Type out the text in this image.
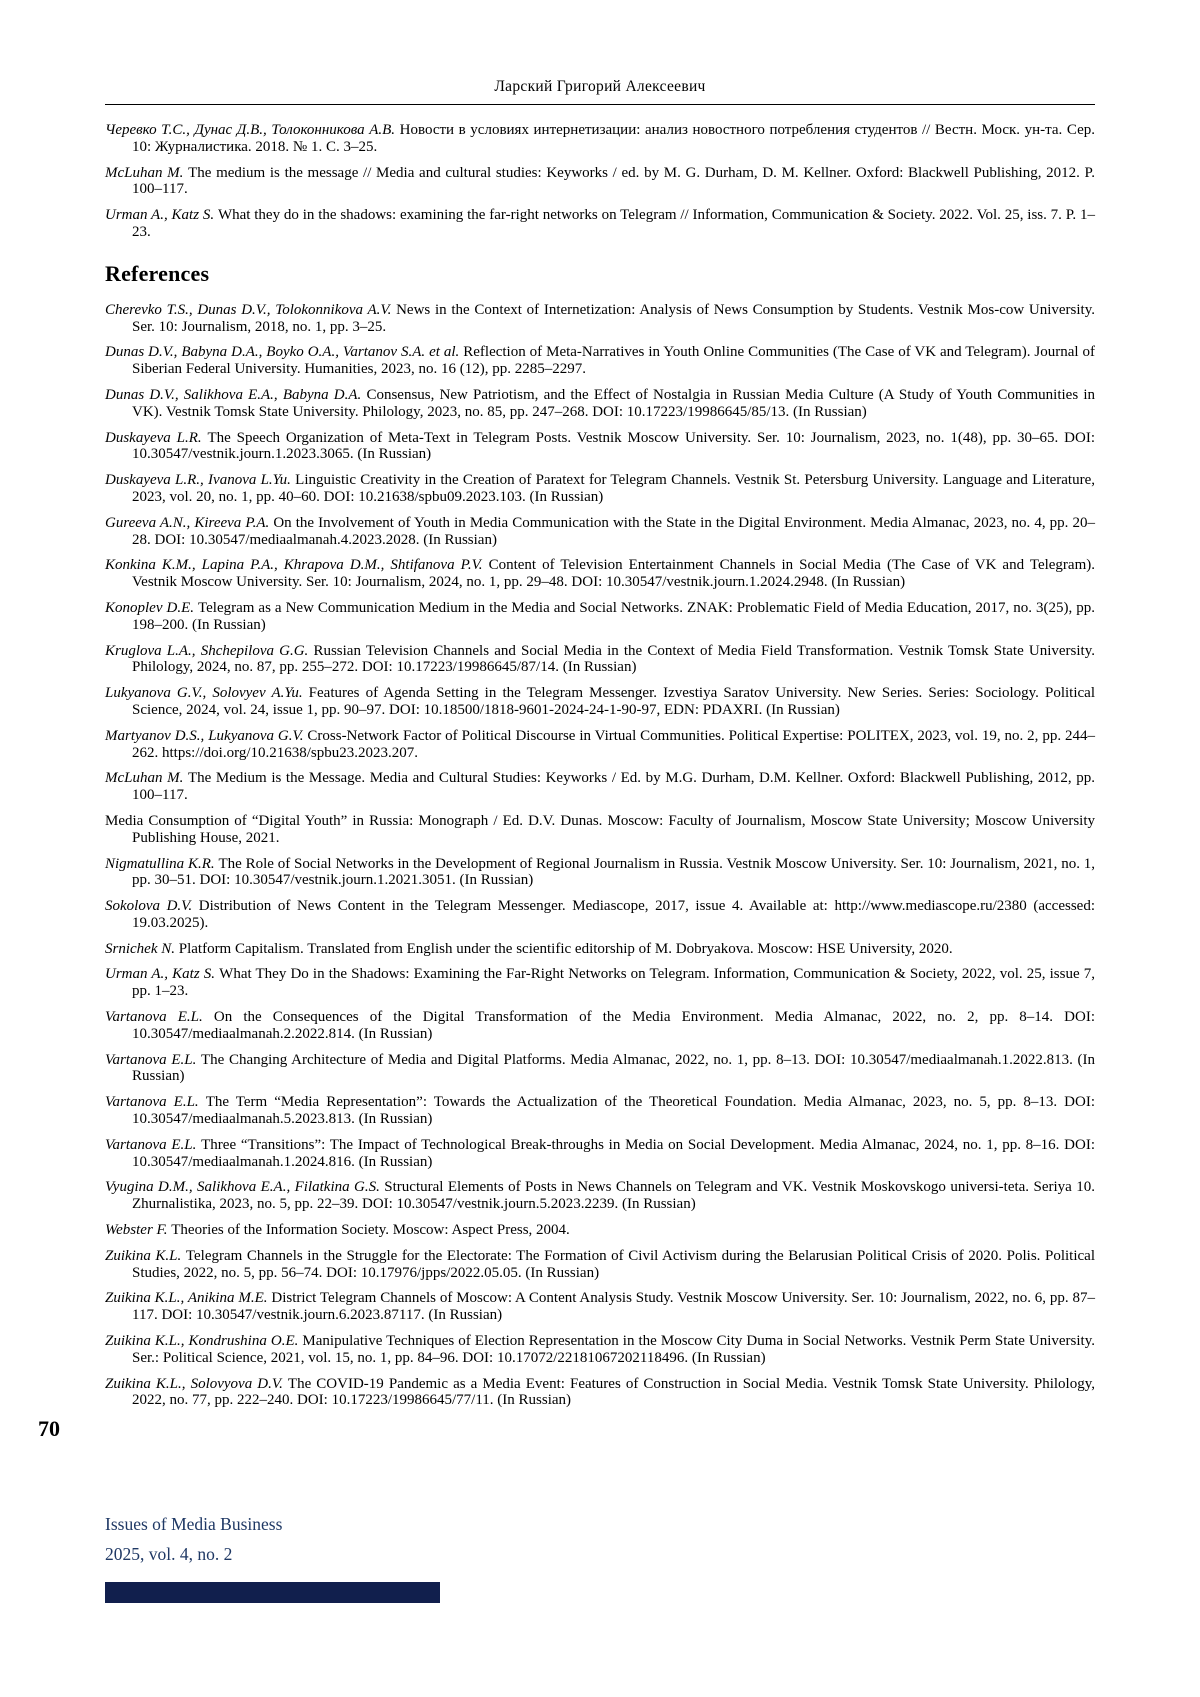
Ларский Григорий Алексеевич

Черевко Т.С., Дунас Д.В., Толоконникова А.В. Новости в условиях интернетизации: анализ новостного потребления студентов // Вестн. Моск. ун-та. Сер. 10: Журналистика. 2018. № 1. С. 3–25.

McLuhan M. The medium is the message // Media and cultural studies: Keyworks / ed. by M. G. Durham, D. M. Kellner. Oxford: Blackwell Publishing, 2012. P. 100–117.

Urman A., Katz S. What they do in the shadows: examining the far-right networks on Telegram // Information, Communication & Society. 2022. Vol. 25, iss. 7. P. 1–23.

References

Cherevko T.S., Dunas D.V., Tolokonnikova A.V. News in the Context of Internetization: Analysis of News Consumption by Students. Vestnik Mos-cow University. Ser. 10: Journalism, 2018, no. 1, pp. 3–25.

Dunas D.V., Babyna D.A., Boyko O.A., Vartanov S.A. et al. Reflection of Meta-Narratives in Youth Online Communities (The Case of VK and Telegram). Journal of Siberian Federal University. Humanities, 2023, no. 16 (12), pp. 2285–2297.

Dunas D.V., Salikhova E.A., Babyna D.A. Consensus, New Patriotism, and the Effect of Nostalgia in Russian Media Culture (A Study of Youth Communities in VK). Vestnik Tomsk State University. Philology, 2023, no. 85, pp. 247–268. DOI: 10.17223/19986645/85/13. (In Russian)

Duskayeva L.R. The Speech Organization of Meta-Text in Telegram Posts. Vestnik Moscow University. Ser. 10: Journalism, 2023, no. 1(48), pp. 30–65. DOI: 10.30547/vestnik.journ.1.2023.3065. (In Russian)

Duskayeva L.R., Ivanova L.Yu. Linguistic Creativity in the Creation of Paratext for Telegram Channels. Vestnik St. Petersburg University. Language and Literature, 2023, vol. 20, no. 1, pp. 40–60. DOI: 10.21638/spbu09.2023.103. (In Russian)

Gureeva A.N., Kireeva P.A. On the Involvement of Youth in Media Communication with the State in the Digital Environment. Media Almanac, 2023, no. 4, pp. 20–28. DOI: 10.30547/mediaalmanah.4.2023.2028. (In Russian)

Konkina K.M., Lapina P.A., Khrapova D.M., Shtifanova P.V. Content of Television Entertainment Channels in Social Media (The Case of VK and Telegram). Vestnik Moscow University. Ser. 10: Journalism, 2024, no. 1, pp. 29–48. DOI: 10.30547/vestnik.journ.1.2024.2948. (In Russian)

Konoplev D.E. Telegram as a New Communication Medium in the Media and Social Networks. ZNAK: Problematic Field of Media Education, 2017, no. 3(25), pp. 198–200. (In Russian)

Kruglova L.A., Shchepilova G.G. Russian Television Channels and Social Media in the Context of Media Field Transformation. Vestnik Tomsk State University. Philology, 2024, no. 87, pp. 255–272. DOI: 10.17223/19986645/87/14. (In Russian)

Lukyanova G.V., Solovyev A.Yu. Features of Agenda Setting in the Telegram Messenger. Izvestiya Saratov University. New Series. Series: Sociology. Political Science, 2024, vol. 24, issue 1, pp. 90–97. DOI: 10.18500/1818-9601-2024-24-1-90-97, EDN: PDAXRI. (In Russian)

Martyanov D.S., Lukyanova G.V. Cross-Network Factor of Political Discourse in Virtual Communities. Political Expertise: POLITEX, 2023, vol. 19, no. 2, pp. 244–262. https://doi.org/10.21638/spbu23.2023.207.

McLuhan M. The Medium is the Message. Media and Cultural Studies: Keyworks / Ed. by M.G. Durham, D.M. Kellner. Oxford: Blackwell Publishing, 2012, pp. 100–117.

Media Consumption of “Digital Youth” in Russia: Monograph / Ed. D.V. Dunas. Moscow: Faculty of Journalism, Moscow State University; Moscow University Publishing House, 2021.

Nigmatullina K.R. The Role of Social Networks in the Development of Regional Journalism in Russia. Vestnik Moscow University. Ser. 10: Journalism, 2021, no. 1, pp. 30–51. DOI: 10.30547/vestnik.journ.1.2021.3051. (In Russian)

Sokolova D.V. Distribution of News Content in the Telegram Messenger. Mediascope, 2017, issue 4. Available at: http://www.mediascope.ru/2380 (accessed: 19.03.2025).

Srnichek N. Platform Capitalism. Translated from English under the scientific editorship of M. Dobryakova. Moscow: HSE University, 2020.

Urman A., Katz S. What They Do in the Shadows: Examining the Far-Right Networks on Telegram. Information, Communication & Society, 2022, vol. 25, issue 7, pp. 1–23.

Vartanova E.L. On the Consequences of the Digital Transformation of the Media Environment. Media Almanac, 2022, no. 2, pp. 8–14. DOI: 10.30547/mediaalmanah.2.2022.814. (In Russian)

Vartanova E.L. The Changing Architecture of Media and Digital Platforms. Media Almanac, 2022, no. 1, pp. 8–13. DOI: 10.30547/mediaalmanah.1.2022.813. (In Russian)

Vartanova E.L. The Term “Media Representation”: Towards the Actualization of the Theoretical Foundation. Media Almanac, 2023, no. 5, pp. 8–13. DOI: 10.30547/mediaalmanah.5.2023.813. (In Russian)

Vartanova E.L. Three “Transitions”: The Impact of Technological Break-throughs in Media on Social Development. Media Almanac, 2024, no. 1, pp. 8–16. DOI: 10.30547/mediaalmanah.1.2024.816. (In Russian)

Vyugina D.M., Salikhova E.A., Filatkina G.S. Structural Elements of Posts in News Channels on Telegram and VK. Vestnik Moskovskogo universi-teta. Seriya 10. Zhurnalistika, 2023, no. 5, pp. 22–39. DOI: 10.30547/vestnik.journ.5.2023.2239. (In Russian)

Webster F. Theories of the Information Society. Moscow: Aspect Press, 2004.

Zuikina K.L. Telegram Channels in the Struggle for the Electorate: The Formation of Civil Activism during the Belarusian Political Crisis of 2020. Polis. Political Studies, 2022, no. 5, pp. 56–74. DOI: 10.17976/jpps/2022.05.05. (In Russian)

Zuikina K.L., Anikina M.E. District Telegram Channels of Moscow: A Content Analysis Study. Vestnik Moscow University. Ser. 10: Journalism, 2022, no. 6, pp. 87–117. DOI: 10.30547/vestnik.journ.6.2023.87117. (In Russian)

Zuikina K.L., Kondrushina O.E. Manipulative Techniques of Election Representation in the Moscow City Duma in Social Networks. Vestnik Perm State University. Ser.: Political Science, 2021, vol. 15, no. 1, pp. 84–96. DOI: 10.17072/22181067202118496. (In Russian)

Zuikina K.L., Solovyova D.V. The COVID-19 Pandemic as a Media Event: Features of Construction in Social Media. Vestnik Tomsk State University. Philology, 2022, no. 77, pp. 222–240. DOI: 10.17223/19986645/77/11. (In Russian)

70
Issues of Media Business
2025, vol. 4, no. 2
